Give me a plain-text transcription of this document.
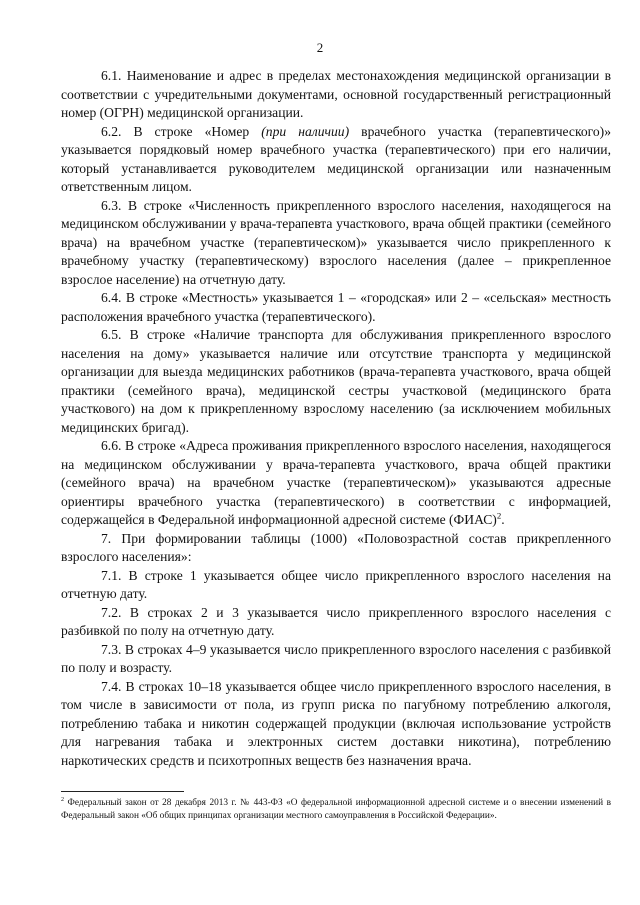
2

6.1. Наименование и адрес в пределах местонахождения медицинской организации в соответствии с учредительными документами, основной государственный регистрационный номер (ОГРН) медицинской организации.

6.2. В строке «Номер (при наличии) врачебного участка (терапевтического)» указывается порядковый номер врачебного участка (терапевтического) при его наличии, который устанавливается руководителем медицинской организации или назначенным ответственным лицом.

6.3. В строке «Численность прикрепленного взрослого населения, находящегося на медицинском обслуживании у врача-терапевта участкового, врача общей практики (семейного врача) на врачебном участке (терапевтическом)» указывается число прикрепленного к врачебному участку (терапевтическому) взрослого населения (далее – прикрепленное взрослое население) на отчетную дату.

6.4. В строке «Местность» указывается 1 – «городская» или 2 – «сельская» местность расположения врачебного участка (терапевтического).

6.5. В строке «Наличие транспорта для обслуживания прикрепленного взрослого населения на дому» указывается наличие или отсутствие транспорта у медицинской организации для выезда медицинских работников (врача-терапевта участкового, врача общей практики (семейного врача), медицинской сестры участковой (медицинского брата участкового) на дом к прикрепленному взрослому населению (за исключением мобильных медицинских бригад).

6.6. В строке «Адреса проживания прикрепленного взрослого населения, находящегося на медицинском обслуживании у врача-терапевта участкового, врача общей практики (семейного врача) на врачебном участке (терапевтическом)» указываются адресные ориентиры врачебного участка (терапевтического) в соответствии с информацией, содержащейся в Федеральной информационной адресной системе (ФИАС)$^2$.

7. При формировании таблицы (1000) «Половозрастной состав прикрепленного взрослого населения»:

7.1. В строке 1 указывается общее число прикрепленного взрослого населения на отчетную дату.

7.2. В строках 2 и 3 указывается число прикрепленного взрослого населения с разбивкой по полу на отчетную дату.

7.3. В строках 4–9 указывается число прикрепленного взрослого населения с разбивкой по полу и возрасту.

7.4. В строках 10–18 указывается общее число прикрепленного взрослого населения, в том числе в зависимости от пола, из групп риска по пагубному потреблению алкоголя, потреблению табака и никотин содержащей продукции (включая использование устройств для нагревания табака и электронных систем доставки никотина), потреблению наркотических средств и психотропных веществ без назначения врача.

$^2$ Федеральный закон от 28 декабря 2013 г. № 443-ФЗ «О федеральной информационной адресной системе и о внесении изменений в Федеральный закон «Об общих принципах организации местного самоуправления в Российской Федерации».
